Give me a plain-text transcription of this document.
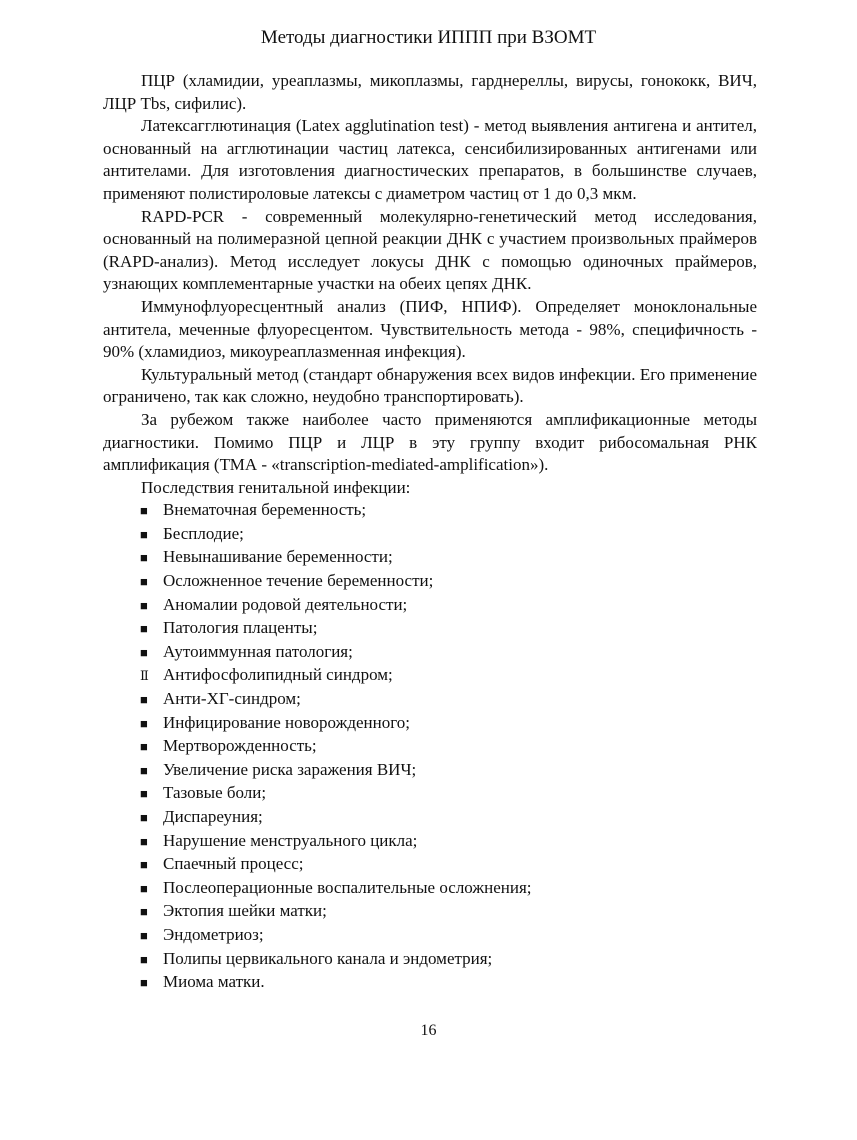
Методы диагностики ИППП при ВЗОМТ

ПЦР (хламидии, уреаплазмы, микоплазмы, гарднереллы, вирусы, гонококк, ВИЧ, ЛЦР Tbs, сифилис).

Латексагглютинация (Latex agglutination test) - метод выявления антигена и антител, основанный на агглютинации частиц латекса, сенсибилизированных антигенами или антителами. Для изготовления диагностических препаратов, в большинстве случаев, применяют полистироловые латексы с диаметром частиц от 1 до 0,3 мкм.

RAPD-PCR - современный молекулярно-генетический метод исследования, основанный на полимеразной цепной реакции ДНК с участием произвольных праймеров (RAPD-анализ). Метод исследует локусы ДНК с помощью одиночных праймеров, узнающих комплементарные участки на обеих цепях ДНК.

Иммунофлуоресцентный анализ (ПИФ, НПИФ). Определяет моноклональные антитела, меченные флуоресцентом. Чувствительность метода - 98%, специфичность - 90% (хламидиоз, микоуреаплазменная инфекция).

Культуральный метод (стандарт обнаружения всех видов инфекции. Его применение ограничено, так как сложно, неудобно транспортировать).

За рубежом также наиболее часто применяются амплификационные методы диагностики. Помимо ПЦР и ЛЦР в эту группу входит рибосомальная РНК амплификация (ТМА - «transcription-mediated-amplification»).

Последствия генитальной инфекции:

■ Внематочная беременность;
■ Бесплодие;
■ Невынашивание беременности;
■ Осложненное течение беременности;
■ Аномалии родовой деятельности;
■ Патология плаценты;
■ Аутоиммунная патология;
Ⅱ Антифосфолипидный синдром;
■ Анти-ХГ-синдром;
■ Инфицирование новорожденного;
■ Мертворожденность;
■ Увеличение риска заражения ВИЧ;
■ Тазовые боли;
■ Диспареуния;
■ Нарушение менструального цикла;
■ Спаечный процесс;
■ Послеоперационные воспалительные осложнения;
■ Эктопия шейки матки;
■ Эндометриоз;
■ Полипы цервикального канала и эндометрия;
■ Миома матки.
16
